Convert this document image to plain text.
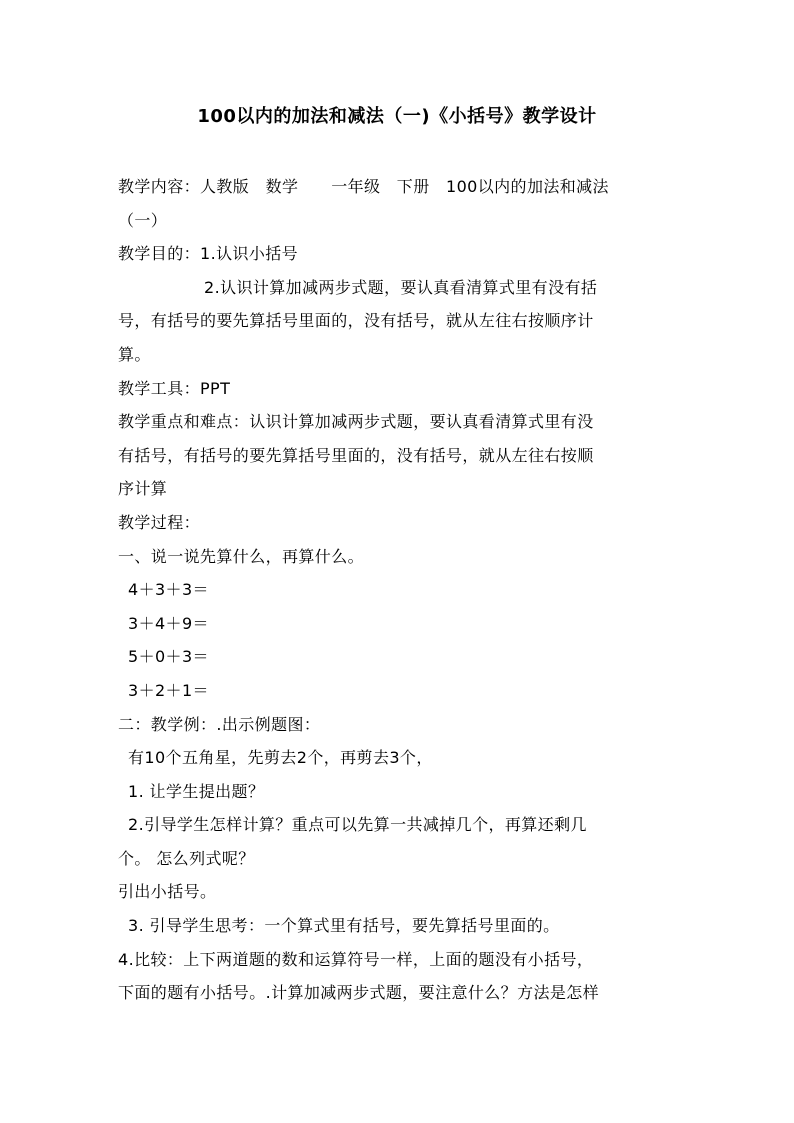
100以内的加法和减法（一)《小括号》教学设计
教学内容：人教版　数学　　一年级　下册　100以内的加法和减法
（一）
教学目的：1.认识小括号
2.认识计算加减两步式题，要认真看清算式里有没有括
号，有括号的要先算括号里面的，没有括号，就从左往右按顺序计
算。
教学工具：PPT
教学重点和难点：认识计算加减两步式题，要认真看清算式里有没
有括号，有括号的要先算括号里面的，没有括号，就从左往右按顺
序计算
教学过程：
一、说一说先算什么，再算什么。
4＋3＋3＝
3＋4＋9＝
5＋0＋3＝
3＋2＋1＝
二：教学例：.出示例题图：
有10个五角星，先剪去2个，再剪去3个，
1. 让学生提出题？
2.引导学生怎样计算？重点可以先算一共减掉几个，再算还剩几
个。 怎么列式呢？
引出小括号。
3. 引导学生思考：一个算式里有括号，要先算括号里面的。
4.比较：上下两道题的数和运算符号一样，上面的题没有小括号，
下面的题有小括号。.计算加减两步式题，要注意什么？方法是怎样
